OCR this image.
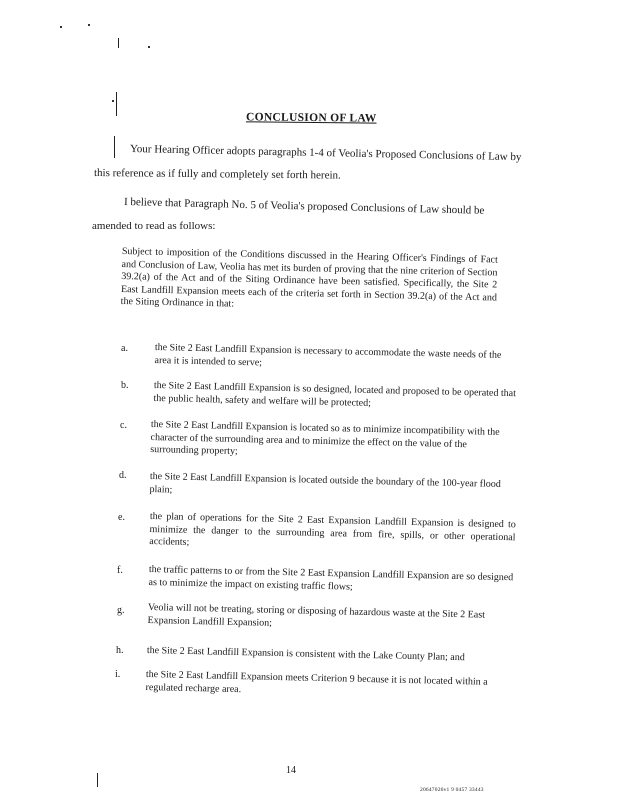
CONCLUSION OF LAW
Your Hearing Officer adopts paragraphs 1-4 of Veolia's Proposed Conclusions of Law by
this reference as if fully and completely set forth herein.
I believe that Paragraph No. 5 of Veolia's proposed Conclusions of Law should be
amended to read as follows:
Subject to imposition of the Conditions discussed in the Hearing Officer's Findings of Fact and Conclusion of Law, Veolia has met its burden of proving that the nine criterion of Section 39.2(a) of the Act and of the Siting Ordinance have been satisfied. Specifically, the Site 2 East Landfill Expansion meets each of the criteria set forth in Section 39.2(a) of the Act and the Siting Ordinance in that:
a.	the Site 2 East Landfill Expansion is necessary to accommodate the waste needs of the area it is intended to serve;
b.	the Site 2 East Landfill Expansion is so designed, located and proposed to be operated that the public health, safety and welfare will be protected;
c. the Site 2 East Landfill Expansion is located so as to minimize incompatibility with the character of the surrounding area and to minimize the effect on the value of the surrounding property;
d. the Site 2 East Landfill Expansion is located outside the boundary of the 100-year flood plain;
e. the plan of operations for the Site 2 East Expansion Landfill Expansion is designed to minimize the danger to the surrounding area from fire, spills, or other operational accidents;
f.	the traffic patterns to or from the Site 2 East Expansion Landfill Expansion are so designed as to minimize the impact on existing traffic flows;
g. Veolia will not be treating, storing or disposing of hazardous waste at the Site 2 East Expansion Landfill Expansion;
h. the Site 2 East Landfill Expansion is consistent with the Lake County Plan; and
i.	the Site 2 East Landfill Expansion meets Criterion 9 because it is not located within a regulated recharge area.
14
20647026v1 9 0457 33443
